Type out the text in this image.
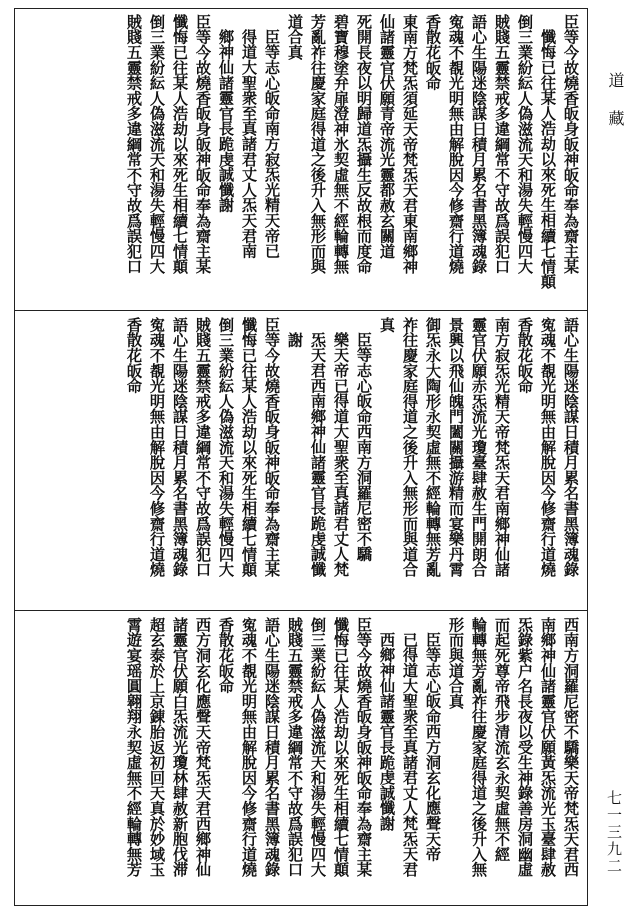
臣等今故燒香皈身皈神皈命奉為齋主某
懺悔已往某人浩劫以來死生相續七情顛
倒三業紛紜人偽滋流天和湯失輕慢四大
賊賤五靈禁戒多違綱常不守故爲誤犯口
語心生陽迷陰謀日積月累名書黑簿魂錄
寃魂不覩光明無由解脫因今修齋行道燒
香散花皈命
東南方梵炁須延天帝梵炁天君東南鄉神
仙諸靈官伏願青帝流光靈都赦玄關道
死開長夜以明歸道炁攝生反故根而度命
碧寶穆塗弁扉澄神氷契虛無不經輪轉無
芳亂祚往慶家庭得道之後升入無形而與
道合真
臣等志心皈命南方寂炁光精天帝已
得道大聖衆至真諸君丈人炁天君南
鄉神仙諸靈官長跪虔誠懺謝
臣等今故燒香皈身皈神皈命奉為齋主某
懺悔已往某人浩劫以來死生相續七情顛
倒三業紛紜人偽滋流天和湯失輕慢四大
賊賤五靈禁戒多違綱常不守故爲誤犯口
語心生陽迷陰謀日積月累名書黑簿魂錄
寃魂不覩光明無由解脫因今修齋行道燒
香散花皈命
南方寂炁光精天帝梵炁天君南鄉神仙諸
靈官伏願赤炁流光瓊臺肆赦生門開朗合
景興以飛仙魄門闔關攝游精而宴樂丹霄
御炁永大陶形永契虛無不經輪轉無芳亂
祚往慶家庭得道之後升入無形而與道合
真
臣等志心皈命西南方洞羅尼密不驕
樂天帝已得道大聖衆至真諸君丈人梵
炁天君西南鄉神仙諸靈官長跪虔誠懺
謝
臣等今故燒香皈身皈神皈命奉為齋主某
懺悔已往某人浩劫以來死生相續七情顛
倒三業紛紜人偽滋流天和湯失輕慢四大
賊賤五靈禁戒多違綱常不守故爲誤犯口
語心生陽迷陰謀日積月累名書黑簿魂錄
寃魂不覩光明無由解脫因今修齋行道燒
香散花皈命
西南方洞羅尼密不驕樂天帝梵炁天君西
南鄉神仙諸靈官伏願黃炁流光玉臺肆赦
炁錄紫户名長夜以受生神錄善房洞幽虛
而起死尊帝飛步清流玄永契虛無不經
輪轉無芳亂祚往慶家庭得道之後升入無
形而與道合真
臣等志心皈命西方洞玄化應聲天帝
已得道大聖衆至真諸君丈人梵炁天君
西鄉神仙諸靈官長跪虔誠懺謝
臣等今故燒香皈身皈神皈命奉為齋主某
懺悔已往某人浩劫以來死生相續七情顛
倒三業紛紜人偽滋流天和湯失輕慢四大
賊賤五靈禁戒多違綱常不守故爲誤犯口
語心生陽迷陰謀日積月累名書黑簿魂錄
寃魂不覩光明無由解脫因今修齋行道燒
香散花皈命
西方洞玄化應聲天帝梵炁天君西鄉神仙
諸靈官伏願白炁流光瓊林肆赦新胞伐滞
超玄泰於上京錬胎返初回天真於妙域玉
霄遊宴瑶圓翱翔永契虛無不經輪轉無芳
道藏
七一三九二
